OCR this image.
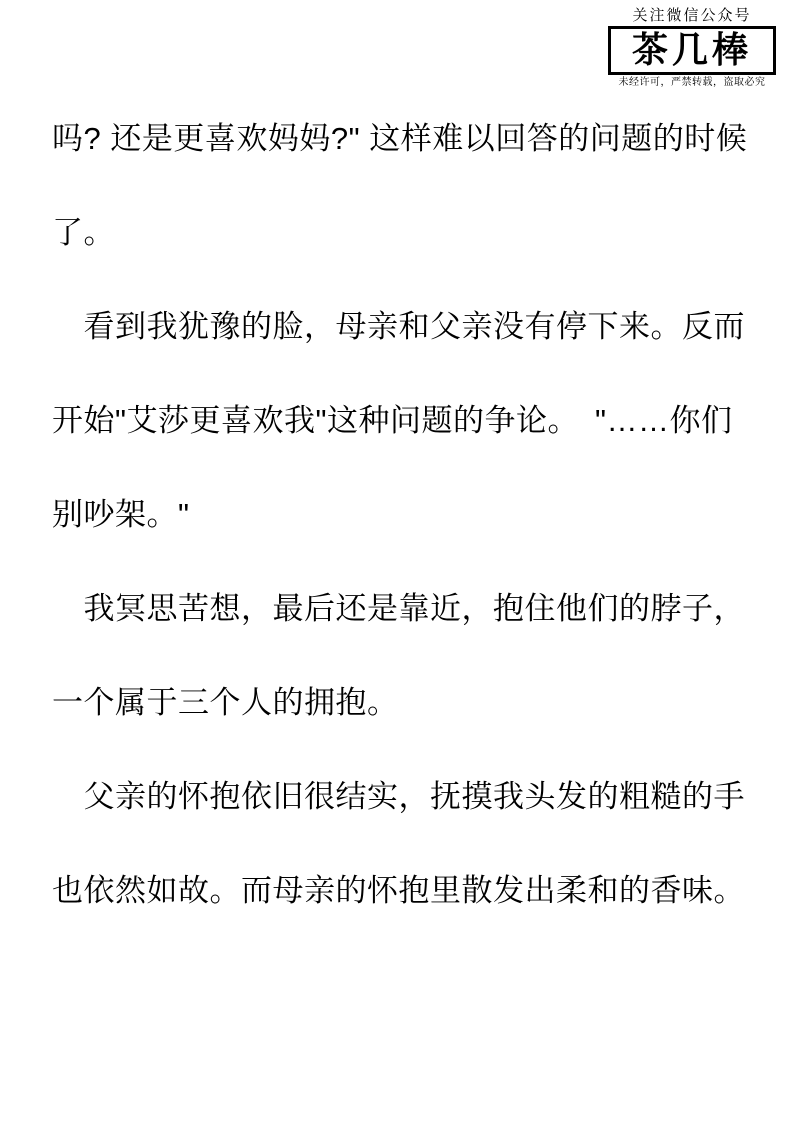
关注微信公众号
茶几棒
未经许可，严禁转载，盗取必究

吗? 还是更喜欢妈妈?" 这样难以回答的问题的时候了。

　看到我犹豫的脸，母亲和父亲没有停下来。反而开始"艾莎更喜欢我"这种问题的争论。　"……你们别吵架。"

　我冥思苦想，最后还是靠近，抱住他们的脖子，一个属于三个人的拥抱。

　父亲的怀抱依旧很结实，抚摸我头发的粗糙的手也依然如故。而母亲的怀抱里散发出柔和的香味。
